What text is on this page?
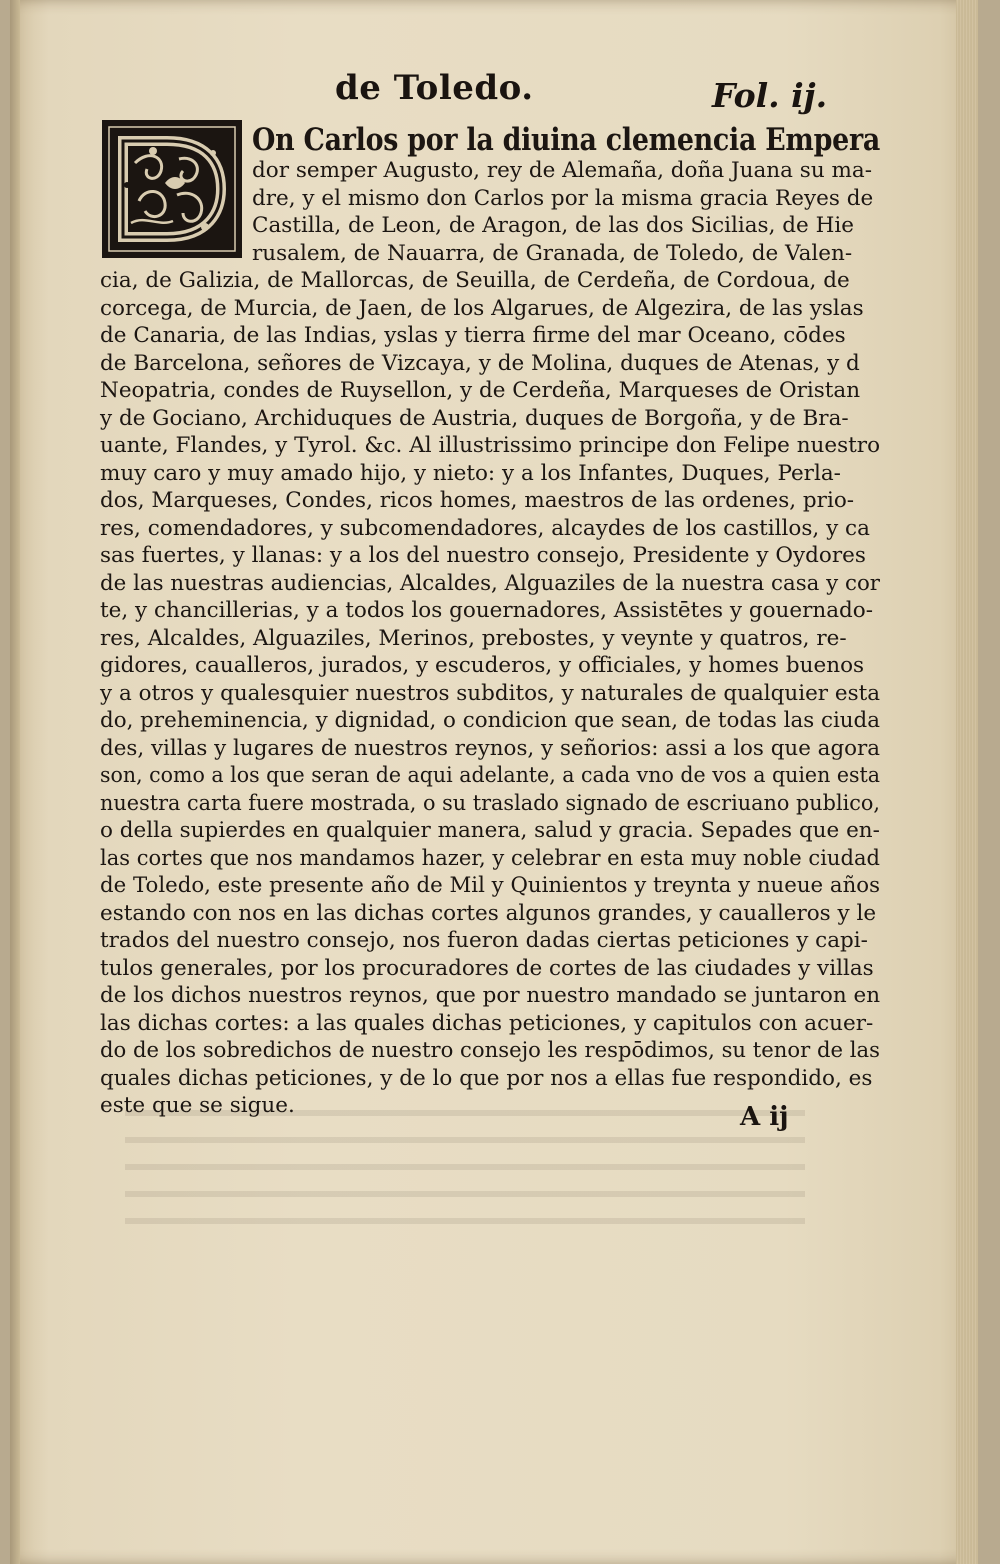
de Toledo.	Fol. ij.
On Carlos por la diuina clemencia Empera
dor semper Augusto, rey de Alemaña, doña Juana su ma-
dre, y el mismo don Carlos por la misma gracia Reyes de
Castilla, de Leon, de Aragon, de las dos Sicilias, de Hie
rusalem, de Nauarra, de Granada, de Toledo, de Valen-
cia, de Galizia, de Mallorcas, de Seuilla, de Cerdeña, de Cordoua, de
corcega, de Murcia, de Jaen, de los Algarues, de Algezira, de las yslas
de Canaria, de las Indias, yslas y tierra firme del mar Oceano, cōdes
de Barcelona, señores de Vizcaya, y de Molina, duques de Atenas, y d
Neopatria, condes de Ruysellon, y de Cerdeña, Marqueses de Oristan
y de Gociano, Archiduques de Austria, duques de Borgoña, y de Bra-
uante, Flandes, y Tyrol. &c. Al illustrissimo principe don Felipe nuestro
muy caro y muy amado hijo, y nieto: y a los Infantes, Duques, Perla-
dos, Marqueses, Condes, ricos homes, maestros de las ordenes, prio-
res, comendadores, y subcomendadores, alcaydes de los castillos, y ca
sas fuertes, y llanas: y a los del nuestro consejo, Presidente y Oydores
de las nuestras audiencias, Alcaldes, Alguaziles de la nuestra casa y cor
te, y chancillerias, y a todos los gouernadores, Assistētes y gouernado-
res, Alcaldes, Alguaziles, Merinos, prebostes, y veynte y quatros, re-
gidores, caualleros, jurados, y escuderos, y officiales, y homes buenos
y a otros y qualesquier nuestros subditos, y naturales de qualquier esta
do, preheminencia, y dignidad, o condicion que sean, de todas las ciuda
des, villas y lugares de nuestros reynos, y señorios: assi a los que agora
son, como a los que seran de aqui adelante, a cada vno de vos a quien esta
nuestra carta fuere mostrada, o su traslado signado de escriuano publico,
o della supierdes en qualquier manera, salud y gracia. Sepades que en-
las cortes que nos mandamos hazer, y celebrar en esta muy noble ciudad
de Toledo, este presente año de Mil y Quinientos y treynta y nueue años
estando con nos en las dichas cortes algunos grandes, y caualleros y le
trados del nuestro consejo, nos fueron dadas ciertas peticiones y capi-
tulos generales, por los procuradores de cortes de las ciudades y villas
de los dichos nuestros reynos, que por nuestro mandado se juntaron en
las dichas cortes: a las quales dichas peticiones, y capitulos con acuer-
do de los sobredichos de nuestro consejo les respōdimos, su tenor de las
quales dichas peticiones, y de lo que por nos a ellas fue respondido, es
este que se sigue.	A ij
